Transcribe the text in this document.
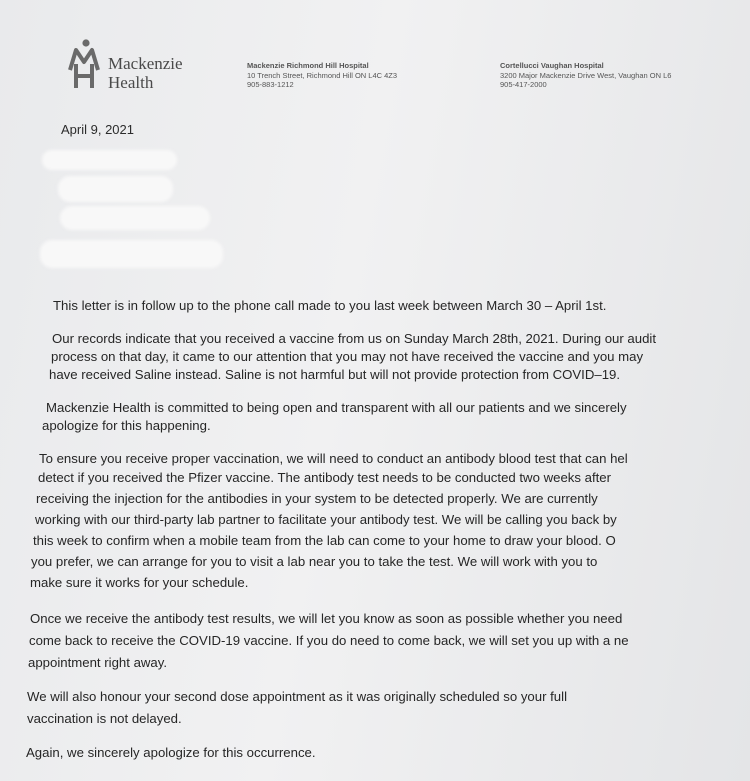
Mackenzie
Health
Mackenzie Richmond Hill Hospital
10 Trench Street, Richmond Hill ON L4C 4Z3
905-883-1212
Cortellucci Vaughan Hospital
3200 Major Mackenzie Drive West, Vaughan ON L6
905-417-2000
April 9, 2021
This letter is in follow up to the phone call made to you last week between March 30 – April 1st.
Our records indicate that you received a vaccine from us on Sunday March 28th, 2021. During our audit
process on that day, it came to our attention that you may not have received the vaccine and you may
have received Saline instead. Saline is not harmful but will not provide protection from COVID–19.
Mackenzie Health is committed to being open and transparent with all our patients and we sincerely
apologize for this happening.
To ensure you receive proper vaccination, we will need to conduct an antibody blood test that can hel
detect if you received the Pfizer vaccine. The antibody test needs to be conducted two weeks after
receiving the injection for the antibodies in your system to be detected properly. We are currently
working with our third-party lab partner to facilitate your antibody test. We will be calling you back by
this week to confirm when a mobile team from the lab can come to your home to draw your blood. O
you prefer, we can arrange for you to visit a lab near you to take the test. We will work with you to
make sure it works for your schedule.
Once we receive the antibody test results, we will let you know as soon as possible whether you need
come back to receive the COVID-19 vaccine. If you do need to come back, we will set you up with a ne
appointment right away.
We will also honour your second dose appointment as it was originally scheduled so your full
vaccination is not delayed.
Again, we sincerely apologize for this occurrence.
